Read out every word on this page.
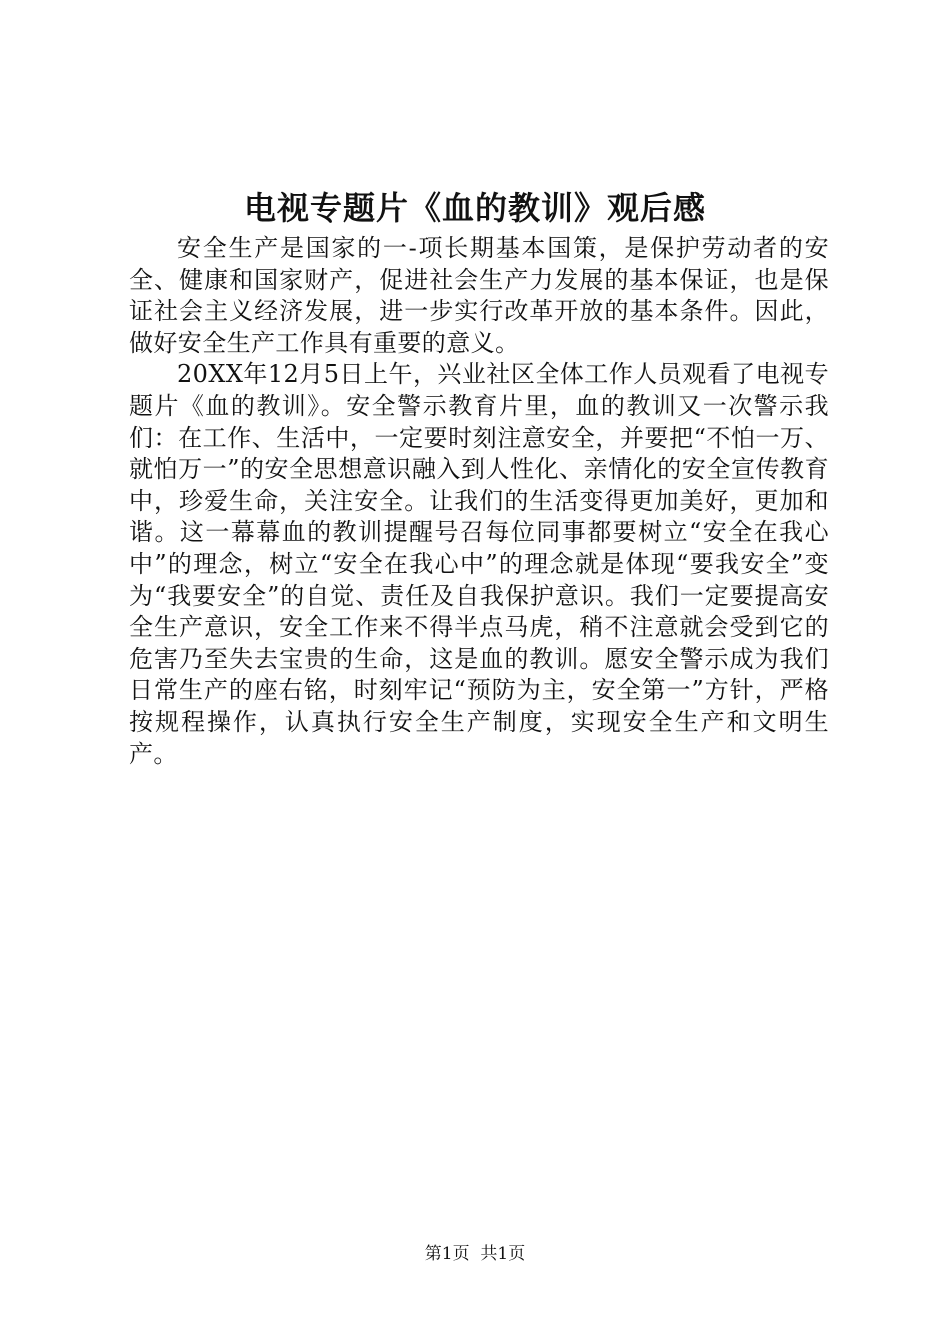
电视专题片《血的教训》观后感

安全生产是国家的一-项长期基本国策，是保护劳动者的安全、健康和国家财产，促进社会生产力发展的基本保证，也是保证社会主义经济发展，进一步实行改革开放的基本条件。因此，做好安全生产工作具有重要的意义。

20XX年12月5日上午，兴业社区全体工作人员观看了电视专题片《血的教训》。安全警示教育片里，血的教训又一次警示我们：在工作、生活中，一定要时刻注意安全，并要把“不怕一万、就怕万一”的安全思想意识融入到人性化、亲情化的安全宣传教育中，珍爱生命，关注安全。让我们的生活变得更加美好，更加和谐。这一幕幕血的教训提醒号召每位同事都要树立“安全在我心中”的理念，树立“安全在我心中”的理念就是体现“要我安全”变为“我要安全”的自觉、责任及自我保护意识。我们一定要提高安全生产意识，安全工作来不得半点马虎，稍不注意就会受到它的危害乃至失去宝贵的生命，这是血的教训。愿安全警示成为我们日常生产的座右铭，时刻牢记“预防为主，安全第一”方针，严格按规程操作，认真执行安全生产制度，实现安全生产和文明生产。

第1页  共1页
